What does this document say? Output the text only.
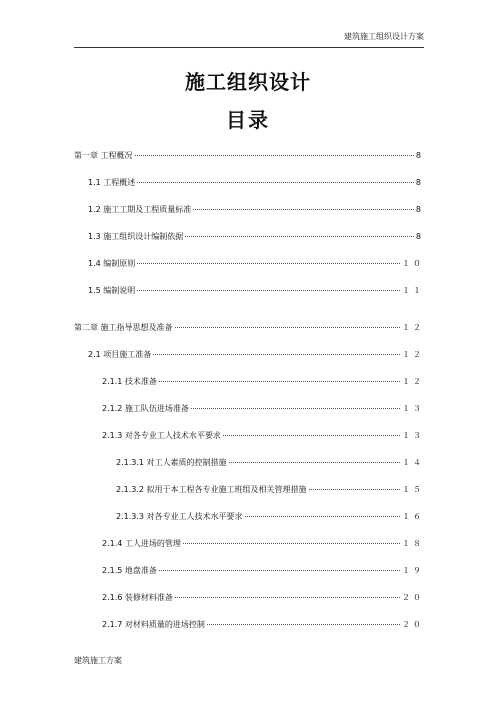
建筑施工组织设计方案
施工组织设计
目录
第一章 工程概况	8
1.1 工程概述	8
1.2 施工工期及工程质量标准	8
1.3 施工组织设计编制依据	8
1.4 编制原则	１０
1.5 编制说明	１１
第二章 施工指导思想及准备	１２
2.1 项目施工准备	１２
2.1.1 技术准备	１２
2.1.2 施工队伍进场准备	１３
2.1.3 对各专业工人技术水平要求	１３
2.1.3.1 对工人素质的控制措施	１４
2.1.3.2 拟用于本工程各专业施工班组及相关管理措施	１５
2.1.3.3 对各专业工人技术水平要求	１６
2.1.4 工人进场的管理	１８
2.1.5 地盘准备	１９
2.1.6 装修材料准备	２０
2.1.7 对材料质量的进场控制	２０
建筑施工方案
